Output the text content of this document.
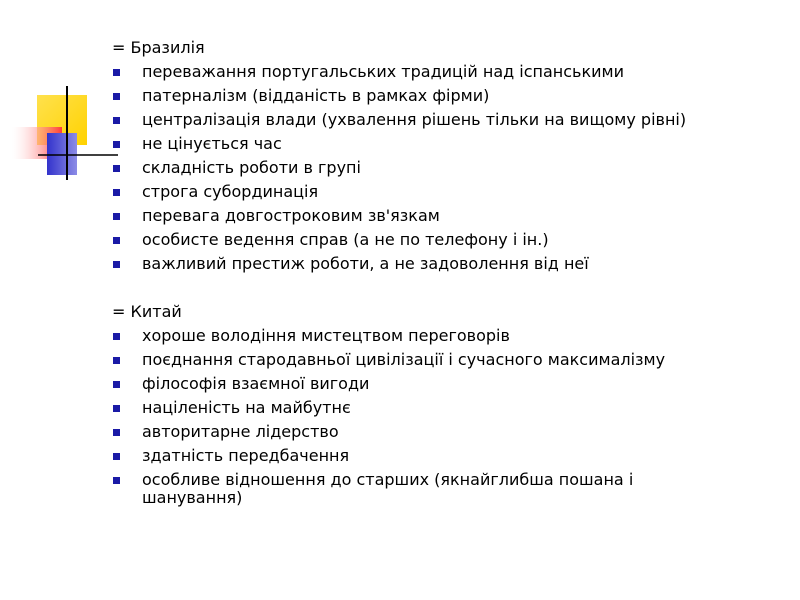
= Бразилія

переважання португальських традицій над іспанськими
патерналізм (відданість в рамках фірми)
централізація влади (ухвалення рішень тільки на вищому рівні)
не цінується час
складність роботи в групі
строга субординація
перевага довгостроковим зв'язкам
особисте ведення справ (а не по телефону і ін.)
важливий престиж роботи, а не задоволення від неї

= Китай

хороше володіння мистецтвом переговорів
поєднання стародавньої цивілізації і сучасного максималізму
філософія взаємної вигоди
націленість на майбутнє
авторитарне лідерство
здатність передбачення
особливе відношення до старших (якнайглибша пошана і шанування)
